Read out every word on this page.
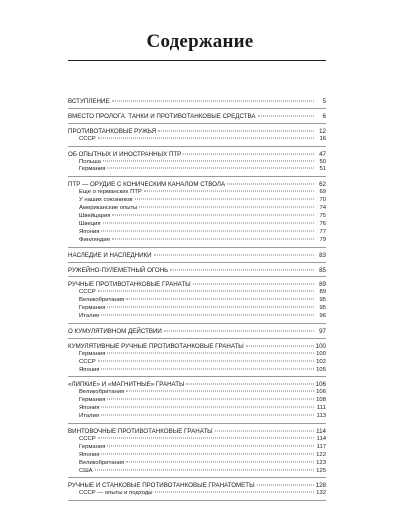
Содержание
ВСТУПЛЕНИЕ	5
ВМЕСТО ПРОЛОГА. ТАНКИ И ПРОТИВОТАНКОВЫЕ СРЕДСТВА	6
ПРОТИВОТАНКОВЫЕ РУЖЬЯ	12
СССР	16
ОБ ОПЫТНЫХ И ИНОСТРАННЫХ ПТР	47
Польша	50
Германия	51
ПТР — ОРУДИЕ С КОНИЧЕСКИМ КАНАЛОМ СТВОЛА	62
Еще о германских ПТР	69
У наших союзников	70
Американские опыты	74
Швейцария	75
Швеция	76
Япония	77
Финляндия	79
НАСЛЕДИЕ И НАСЛЕДНИКИ	83
РУЖЕЙНО-ПУЛЕМЕТНЫЙ ОГОНЬ	85
РУЧНЫЕ ПРОТИВОТАНКОВЫЕ ГРАНАТЫ	89
СССР	89
Великобритания	95
Германия	95
Италия	96
О КУМУЛЯТИВНОМ ДЕЙСТВИИ	97
КУМУЛЯТИВНЫЕ РУЧНЫЕ ПРОТИВОТАНКОВЫЕ ГРАНАТЫ	100
Германия	100
СССР	102
Япония	105
«ЛИПКИЕ» И «МАГНИТНЫЕ» ГРАНАТЫ	106
Великобритания	106
Германия	108
Япония	111
Италия	113
ВИНТОВОЧНЫЕ ПРОТИВОТАНКОВЫЕ ГРАНАТЫ	114
СССР	114
Германия	117
Япония	122
Великобритания	123
США	125
РУЧНЫЕ И СТАНКОВЫЕ ПРОТИВОТАНКОВЫЕ ГРАНАТОМЕТЫ	128
СССР — опыты и подходы	132
